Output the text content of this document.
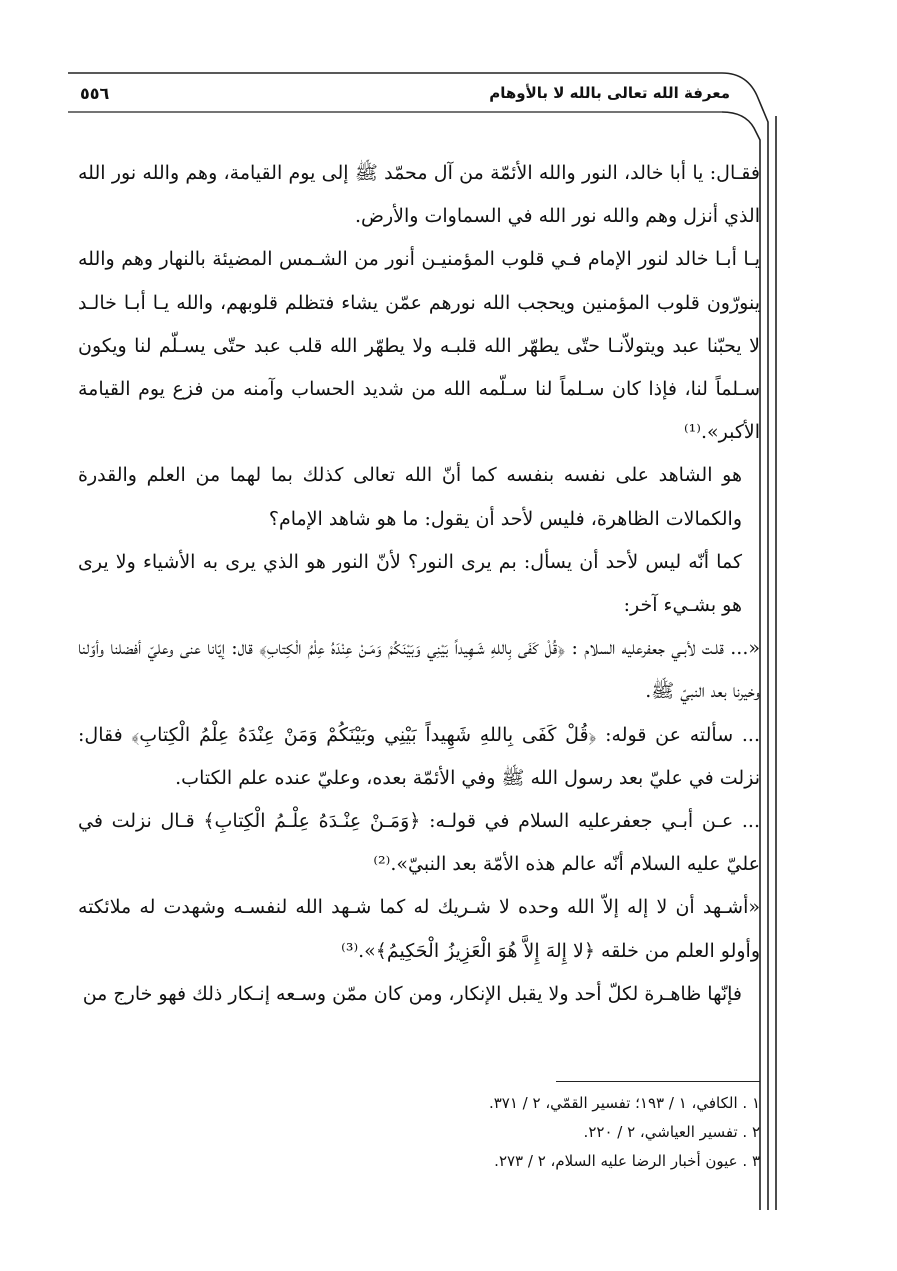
معرفة الله تعالى بالله لا بالأوهام
٥٥٦

فقـال: يا أبا خالد، النور والله الأئمّة من آل محمّد ﷺ إلى يوم القيامة، وهم والله نور الله الذي أنزل وهم والله نور الله في السماوات والأرض.

يـا أبـا خالد لنور الإمام فـي قلوب المؤمنيـن أنور من الشـمس المضيئة بالنهار وهم والله ينورّون قلوب المؤمنين ويحجب الله نورهم عمّن يشاء فتظلم قلوبهم، والله يـا أبـا خالـد لا يحبّنا عبد ويتولاّنـا حتّى يطهّر الله قلبـه ولا يطهّر الله قلب عبد حتّى يسـلّم لنا ويكون سـلماً لنا، فإذا كان سـلماً لنا سـلّمه الله من شديد الحساب وآمنه من فزع يوم القيامة الأكبر».⁽¹⁾

هو الشاهد على نفسه بنفسه كما أنّ الله تعالى كذلك بما لهما من العلم والقدرة والكمالات الظاهرة، فليس لأحد أن يقول: ما هو شاهد الإمام؟

كما أنّه ليس لأحد أن يسأل: بم يرى النور؟ لأنّ النور هو الذي يرى به الأشياء ولا يرى هو بشـيء آخر:

«... قلـت لأبـي جعفرعليه السلام : ﴿قُلْ كَفَى بِاللهِ شَـهِيداً بَيْنِي وَبَيْنَكُمْ وَمَـنْ عِنْدَهُ عِلْمُ الْكِتابِ﴾ قال: إيّانا عنى وعليّ أفضلنا وأوّلنا وخيرنا بعد النبيّ ﷺ.

... سألته عن قوله: ﴿قُلْ كَفَى بِاللهِ شَهِيداً بَيْنِي وبَيْنَكُمْ وَمَنْ عِنْدَهُ عِلْمُ الْكِتابِ﴾ فقال: نزلت في عليّ بعد رسول الله ﷺ وفي الأئمّة بعده، وعليّ عنده علم الكتاب.

... عـن أبـي جعفرعليه السلام في قولـه: ﴿وَمَـنْ عِنْـدَهُ عِلْـمُ الْكِتابِ﴾ قـال نزلت في عليّ عليه السلام أنّه عالم هذه الأمّة بعد النبيّ».⁽²⁾

«أشـهد أن لا إله إلاّ الله وحده لا شـريك له كما شـهد الله لنفسـه وشهدت له ملائكته وأولو العلم من خلقه ﴿لا إِلهَ إِلاَّ هُوَ الْعَزِيزُ الْحَكِيمُ﴾».⁽³⁾

فإنّها ظاهـرة لكلّ أحد ولا يقبل الإنكار، ومن كان ممّن وسـعه إنـكار ذلك فهو خارج من

١ . الكافي، ١ / ١٩٣؛ تفسير القمّي، ٢ / ٣٧١.
٢ . تفسير العياشي، ٢ / ٢٢٠.
٣ . عيون أخبار الرضا عليه السلام، ٢ / ٢٧٣.
